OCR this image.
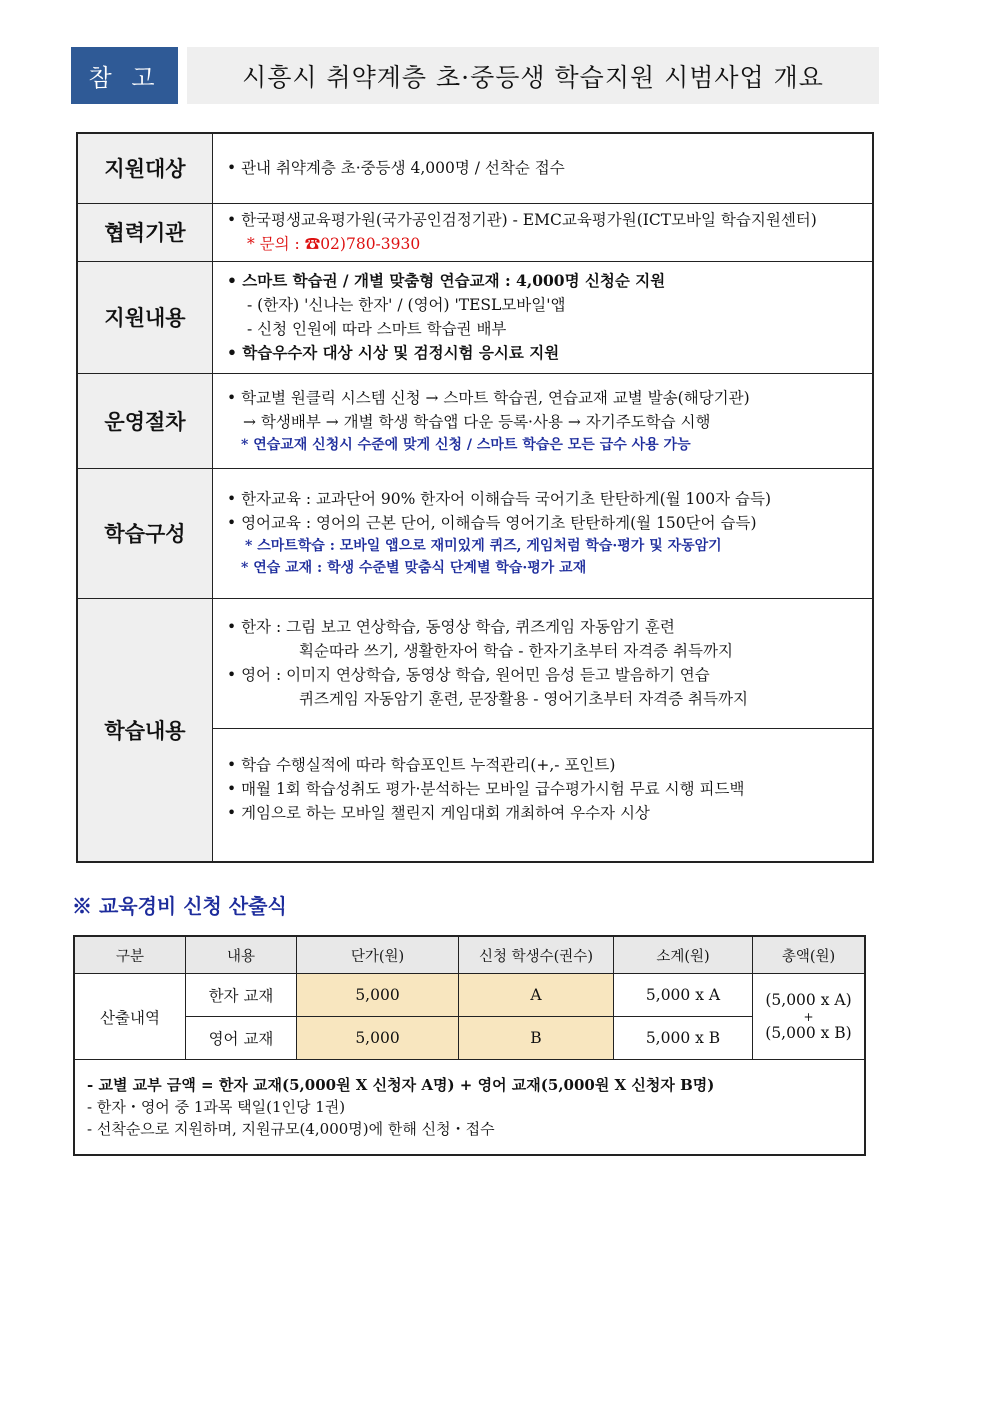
참 고	시흥시 취약계층 초·중등생 학습지원 시범사업 개요
지원대상	• 관내 취약계층 초·중등생 4,000명 / 선착순 접수

협력기관	• 한국평생교육평가원(국가공인검정기관) - EMC교육평가원(ICT모바일 학습지원센터)
* 문의 : ☎02)780-3930

지원내용	• 스마트 학습권 / 개별 맞춤형 연습교재 : 4,000명 신청순 지원
- (한자) '신나는 한자' / (영어) 'TESL모바일'앱
- 신청 인원에 따라 스마트 학습권 배부
• 학습우수자 대상 시상 및 검정시험 응시료 지원

운영절차	• 학교별 원클릭 시스템 신청 → 스마트 학습권, 연습교재 교별 발송(해당기관)
→ 학생배부 → 개별 학생 학습앱 다운 등록·사용 → 자기주도학습 시행
* 연습교재 신청시 수준에 맞게 신청 / 스마트 학습은 모든 급수 사용 가능

학습구성	• 한자교육 : 교과단어 90% 한자어 이해습득 국어기초 탄탄하게(월 100자 습득)
• 영어교육 : 영어의 근본 단어, 이해습득 영어기초 탄탄하게(월 150단어 습득)
* 스마트학습 : 모바일 앱으로 재미있게 퀴즈, 게임처럼 학습·평가 및 자동암기
* 연습 교재 : 학생 수준별 맞춤식 단계별 학습·평가 교재

학습내용	• 한자 : 그림 보고 연상학습, 동영상 학습, 퀴즈게임 자동암기 훈련
획순따라 쓰기, 생활한자어 학습 - 한자기초부터 자격증 취득까지
• 영어 : 이미지 연상학습, 동영상 학습, 원어민 음성 듣고 발음하기 연습
퀴즈게임 자동암기 훈련, 문장활용 - 영어기초부터 자격증 취득까지

	• 학습 수행실적에 따라 학습포인트 누적관리(+,- 포인트)
• 매월 1회 학습성취도 평가·분석하는 모바일 급수평가시험 무료 시행 피드백
• 게임으로 하는 모바일 챌린지 게임대회 개최하여 우수자 시상
※ 교육경비 신청 산출식
구분	내용	단가(원)	신청 학생수(권수)	소계(원)	총액(원)
산출내역	한자 교재	5,000	A	5,000 x A	(5,000 x A)
+
(5,000 x B)

	영어 교재	5,000	B	5,000 x B	

- 교별 교부 금액 = 한자 교재(5,000원 X 신청자 A명) + 영어 교재(5,000원 X 신청자 B명)
- 한자・영어 중 1과목 택일(1인당 1권)
- 선착순으로 지원하며, 지원규모(4,000명)에 한해 신청・접수					
